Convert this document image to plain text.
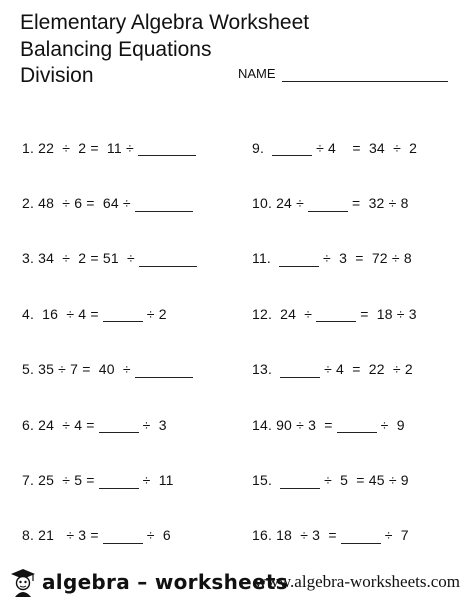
Elementary Algebra Worksheet
Balancing Equations
Division	NAME
1. 22  ÷  2 =  11 ÷
2. 48  ÷ 6 =  64 ÷
3. 34  ÷  2 = 51  ÷
4. 16  ÷ 4 =	÷ 2
5. 35 ÷ 7 =  40  ÷
6. 24  ÷ 4 =	÷  3
7. 25  ÷ 5 =	÷  11
8. 21   ÷ 3 =	÷  6
9.	÷ 4    =  34  ÷  2
10. 24 ÷	=  32 ÷ 8
11.	÷  3  =  72 ÷ 8
12. 24  ÷	=  18 ÷ 3
13.	÷ 4  =  22  ÷ 2
14. 90 ÷ 3  =	÷  9
15.	÷  5  = 45 ÷ 9
16. 18  ÷ 3  =	÷  7
algebra – worksheets
www.algebra-worksheets.com
